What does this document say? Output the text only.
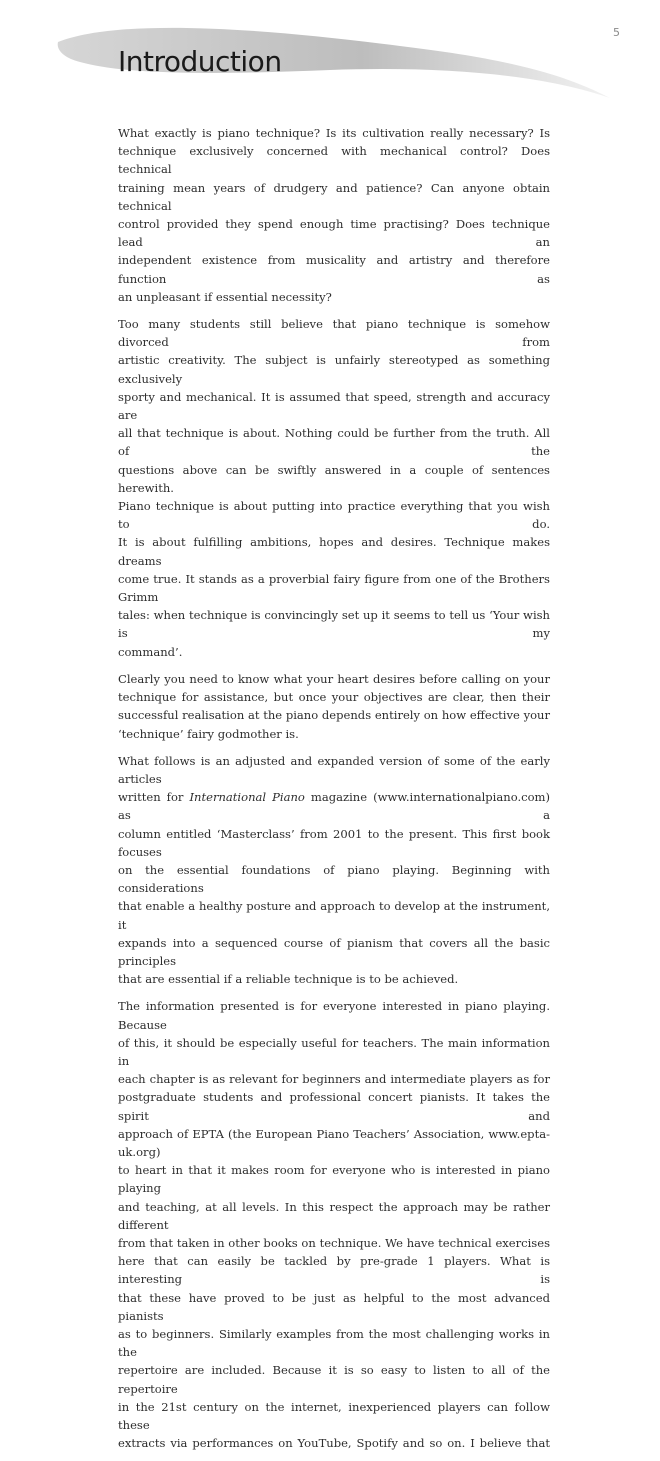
5
Introduction

What exactly is piano technique? Is its cultivation really necessary? Is
technique exclusively concerned with mechanical control? Does technical
training mean years of drudgery and patience? Can anyone obtain technical
control provided they spend enough time practising? Does technique lead an
independent existence from musicality and artistry and therefore function as
an unpleasant if essential necessity?

Too many students still believe that piano technique is somehow divorced from
artistic creativity. The subject is unfairly stereotyped as something exclusively
sporty and mechanical. It is assumed that speed, strength and accuracy are
all that technique is about. Nothing could be further from the truth. All of the
questions above can be swiftly answered in a couple of sentences herewith.
Piano technique is about putting into practice everything that you wish to do.
It is about fulfilling ambitions, hopes and desires. Technique makes dreams
come true. It stands as a proverbial fairy figure from one of the Brothers Grimm
tales: when technique is convincingly set up it seems to tell us ‘Your wish is my
command’.

Clearly you need to know what your heart desires before calling on your
technique for assistance, but once your objectives are clear, then their
successful realisation at the piano depends entirely on how effective your
‘technique’ fairy godmother is.

What follows is an adjusted and expanded version of some of the early articles
written for International Piano magazine (www.internationalpiano.com) as a
column entitled ‘Masterclass’ from 2001 to the present. This first book focuses
on the essential foundations of piano playing. Beginning with considerations
that enable a healthy posture and approach to develop at the instrument, it
expands into a sequenced course of pianism that covers all the basic principles
that are essential if a reliable technique is to be achieved.

The information presented is for everyone interested in piano playing. Because
of this, it should be especially useful for teachers. The main information in
each chapter is as relevant for beginners and intermediate players as for
postgraduate students and professional concert pianists. It takes the spirit and
approach of EPTA (the European Piano Teachers’ Association, www.epta-uk.org)
to heart in that it makes room for everyone who is interested in piano playing
and teaching, at all levels. In this respect the approach may be rather different
from that taken in other books on technique. We have technical exercises
here that can easily be tackled by pre-grade 1 players. What is interesting is
that these have proved to be just as helpful to the most advanced pianists
as to beginners. Similarly examples from the most challenging works in the
repertoire are included. Because it is so easy to listen to all of the repertoire
in the 21st century on the internet, inexperienced players can follow these
extracts via performances on YouTube, Spotify and so on. I believe that
